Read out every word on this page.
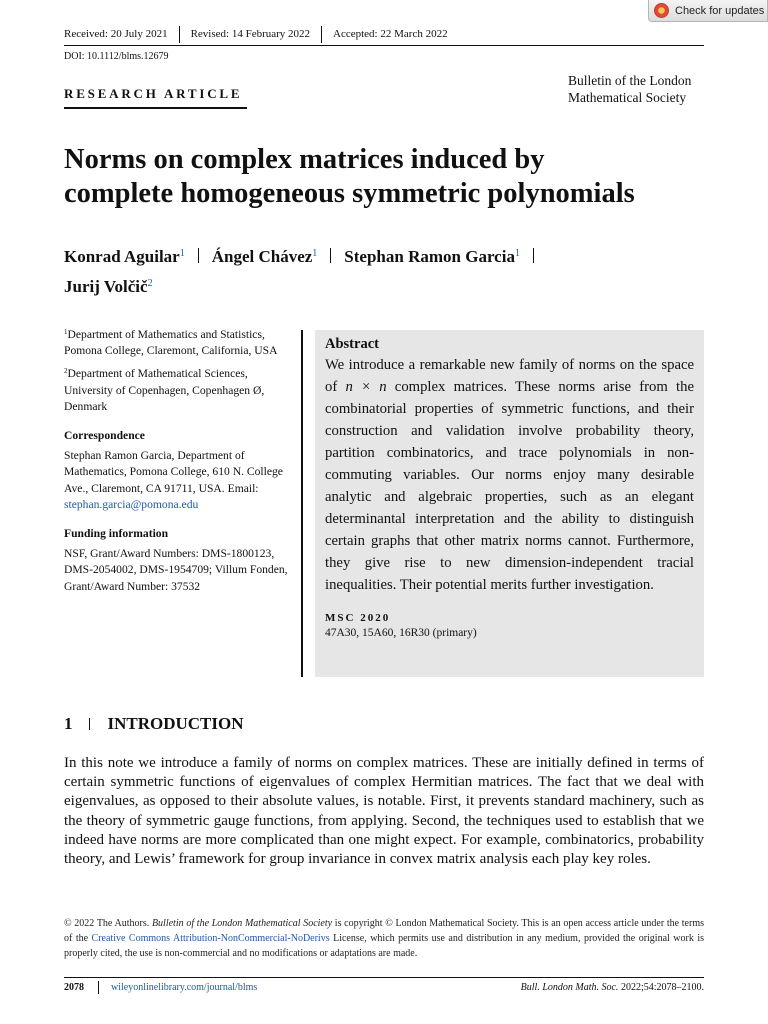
Check for updates
Received: 20 July 2021 Revised: 14 February 2022 Accepted: 22 March 2022
DOI: 10.1112/blms.12679
RESEARCH ARTICLE
Bulletin of the London
Mathematical Society
Norms on complex matrices induced by
complete homogeneous symmetric polynomials
Konrad Aguilar$^1$ Ángel Chávez$^1$ Stephan Ramon Garcia$^1$
Jurij Volčič$^2$

$^1$Department of Mathematics and Statistics, Pomona College, Claremont, California, USA

$^2$Department of Mathematical Sciences, University of Copenhagen, Copenhagen Ø, Denmark

Correspondence

Stephan Ramon Garcia, Department of Mathematics, Pomona College, 610 N. College Ave., Claremont, CA 91711, USA. Email: stephan.garcia@pomona.edu

Funding information

NSF, Grant/Award Numbers: DMS-1800123, DMS-2054002, DMS-1954709; Villum Fonden, Grant/Award Number: 37532

Abstract
We introduce a remarkable new family of norms on the space of n × n complex matrices. These norms arise from the combinatorial properties of symmetric functions, and their construction and validation involve probability theory, partition combinatorics, and trace polynomials in non-commuting variables. Our norms enjoy many desirable analytic and algebraic properties, such as an elegant determinantal interpretation and the ability to distinguish certain graphs that other matrix norms cannot. Furthermore, they give rise to new dimension-independent tracial inequalities. Their potential merits further investigation.
MSC 2020
47A30, 15A60, 16R30 (primary)
1 INTRODUCTION
In this note we introduce a family of norms on complex matrices. These are initially defined in terms of certain symmetric functions of eigenvalues of complex Hermitian matrices. The fact that we deal with eigenvalues, as opposed to their absolute values, is notable. First, it prevents standard machinery, such as the theory of symmetric gauge functions, from applying. Second, the techniques used to establish that we indeed have norms are more complicated than one might expect. For example, combinatorics, probability theory, and Lewis’ framework for group invariance in convex matrix analysis each play key roles.
© 2022 The Authors. Bulletin of the London Mathematical Society is copyright © London Mathematical Society. This is an open access article under the terms of the Creative Commons Attribution-NonCommercial-NoDerivs License, which permits use and distribution in any medium, provided the original work is properly cited, the use is non-commercial and no modifications or adaptations are made.
2078	wileyonlinelibrary.com/journal/blms	Bull. London Math. Soc. 2022;54:2078–2100.
